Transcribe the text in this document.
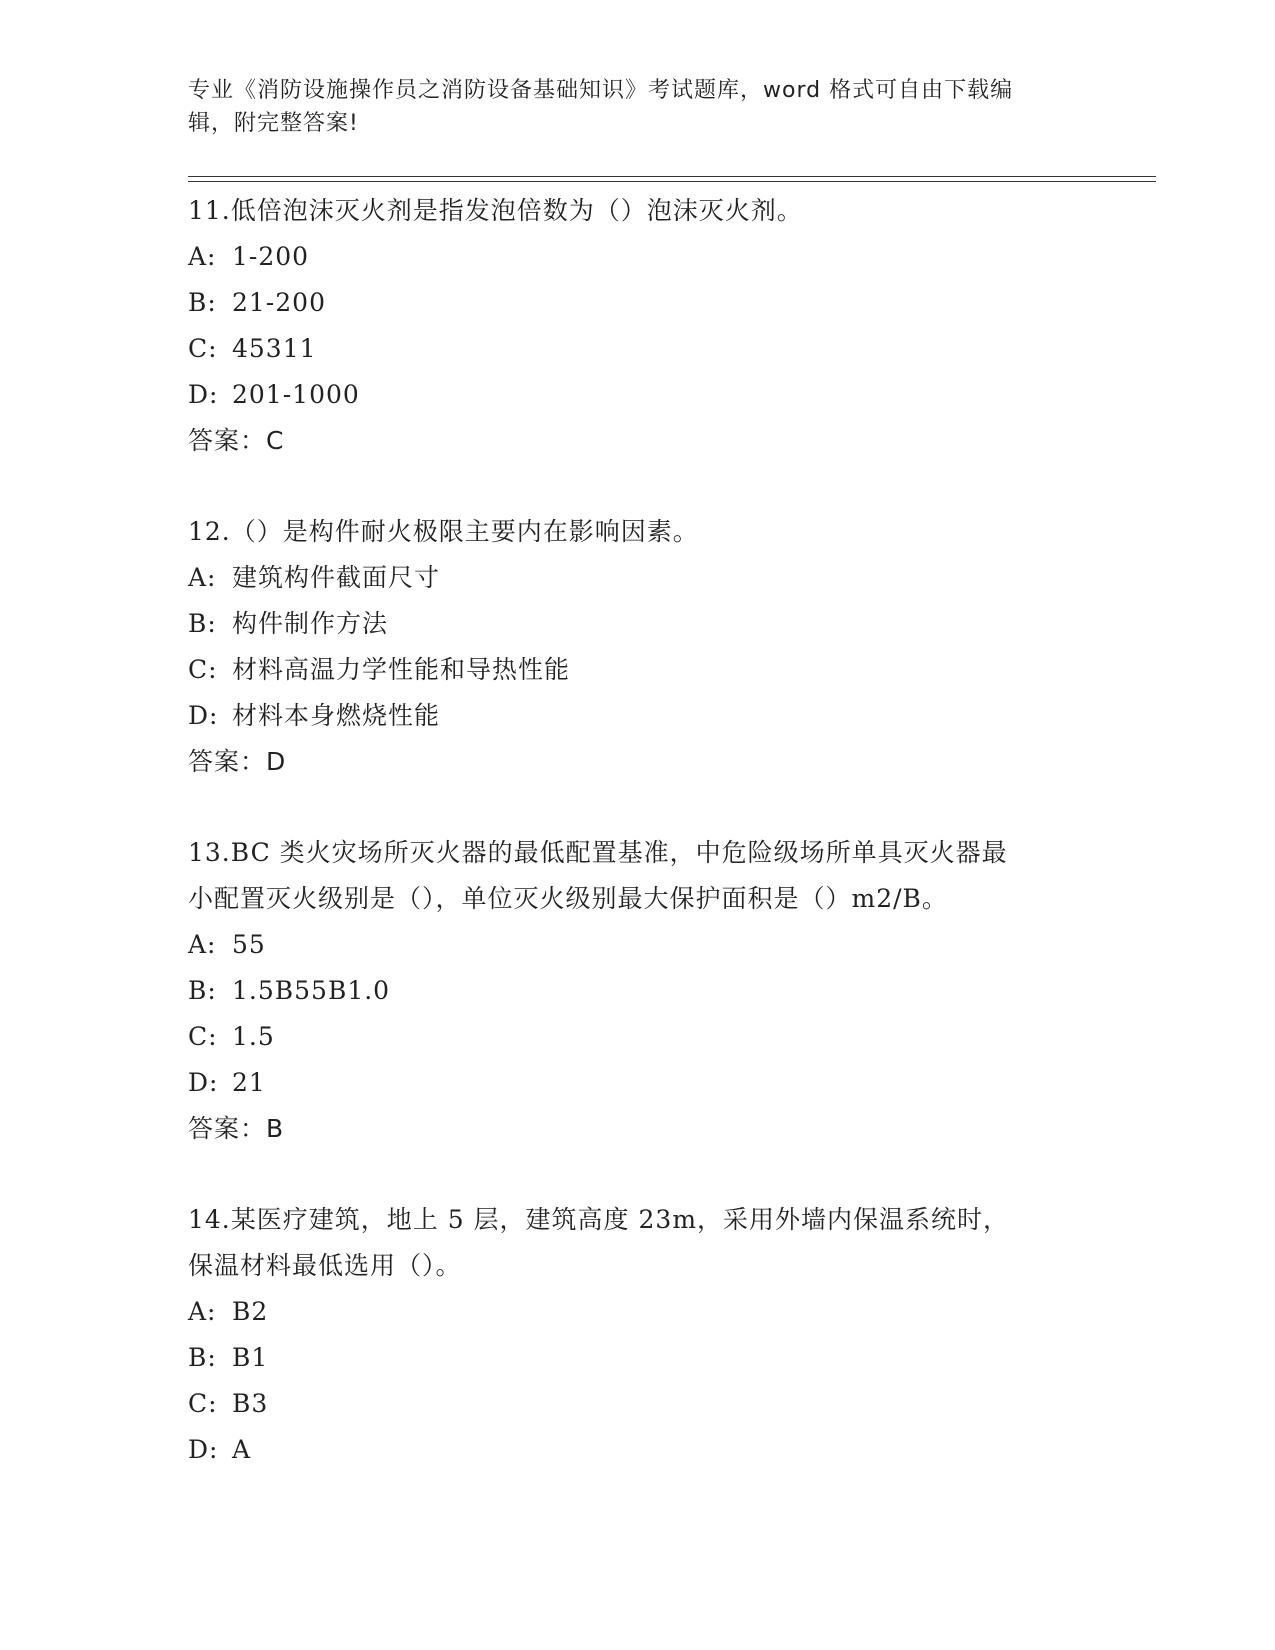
专业《消防设施操作员之消防设备基础知识》考试题库，word 格式可自由下载编
辑，附完整答案!

11.低倍泡沫灭火剂是指发泡倍数为（）泡沫灭火剂。

A: 1-200

B: 21-200

C: 45311

D: 201-1000

答案：C

12.（）是构件耐火极限主要内在影响因素。

A: 建筑构件截面尺寸

B: 构件制作方法

C: 材料高温力学性能和导热性能

D: 材料本身燃烧性能

答案：D

13.BC 类火灾场所灭火器的最低配置基准，中危险级场所单具灭火器最

小配置灭火级别是（），单位灭火级别最大保护面积是（）m2/B。

A: 55

B: 1.5B55B1.0

C: 1.5

D: 21

答案：B

14.某医疗建筑，地上 5 层，建筑高度 23m，采用外墙内保温系统时，

保温材料最低选用（）。

A: B2

B: B1

C: B3

D: A
